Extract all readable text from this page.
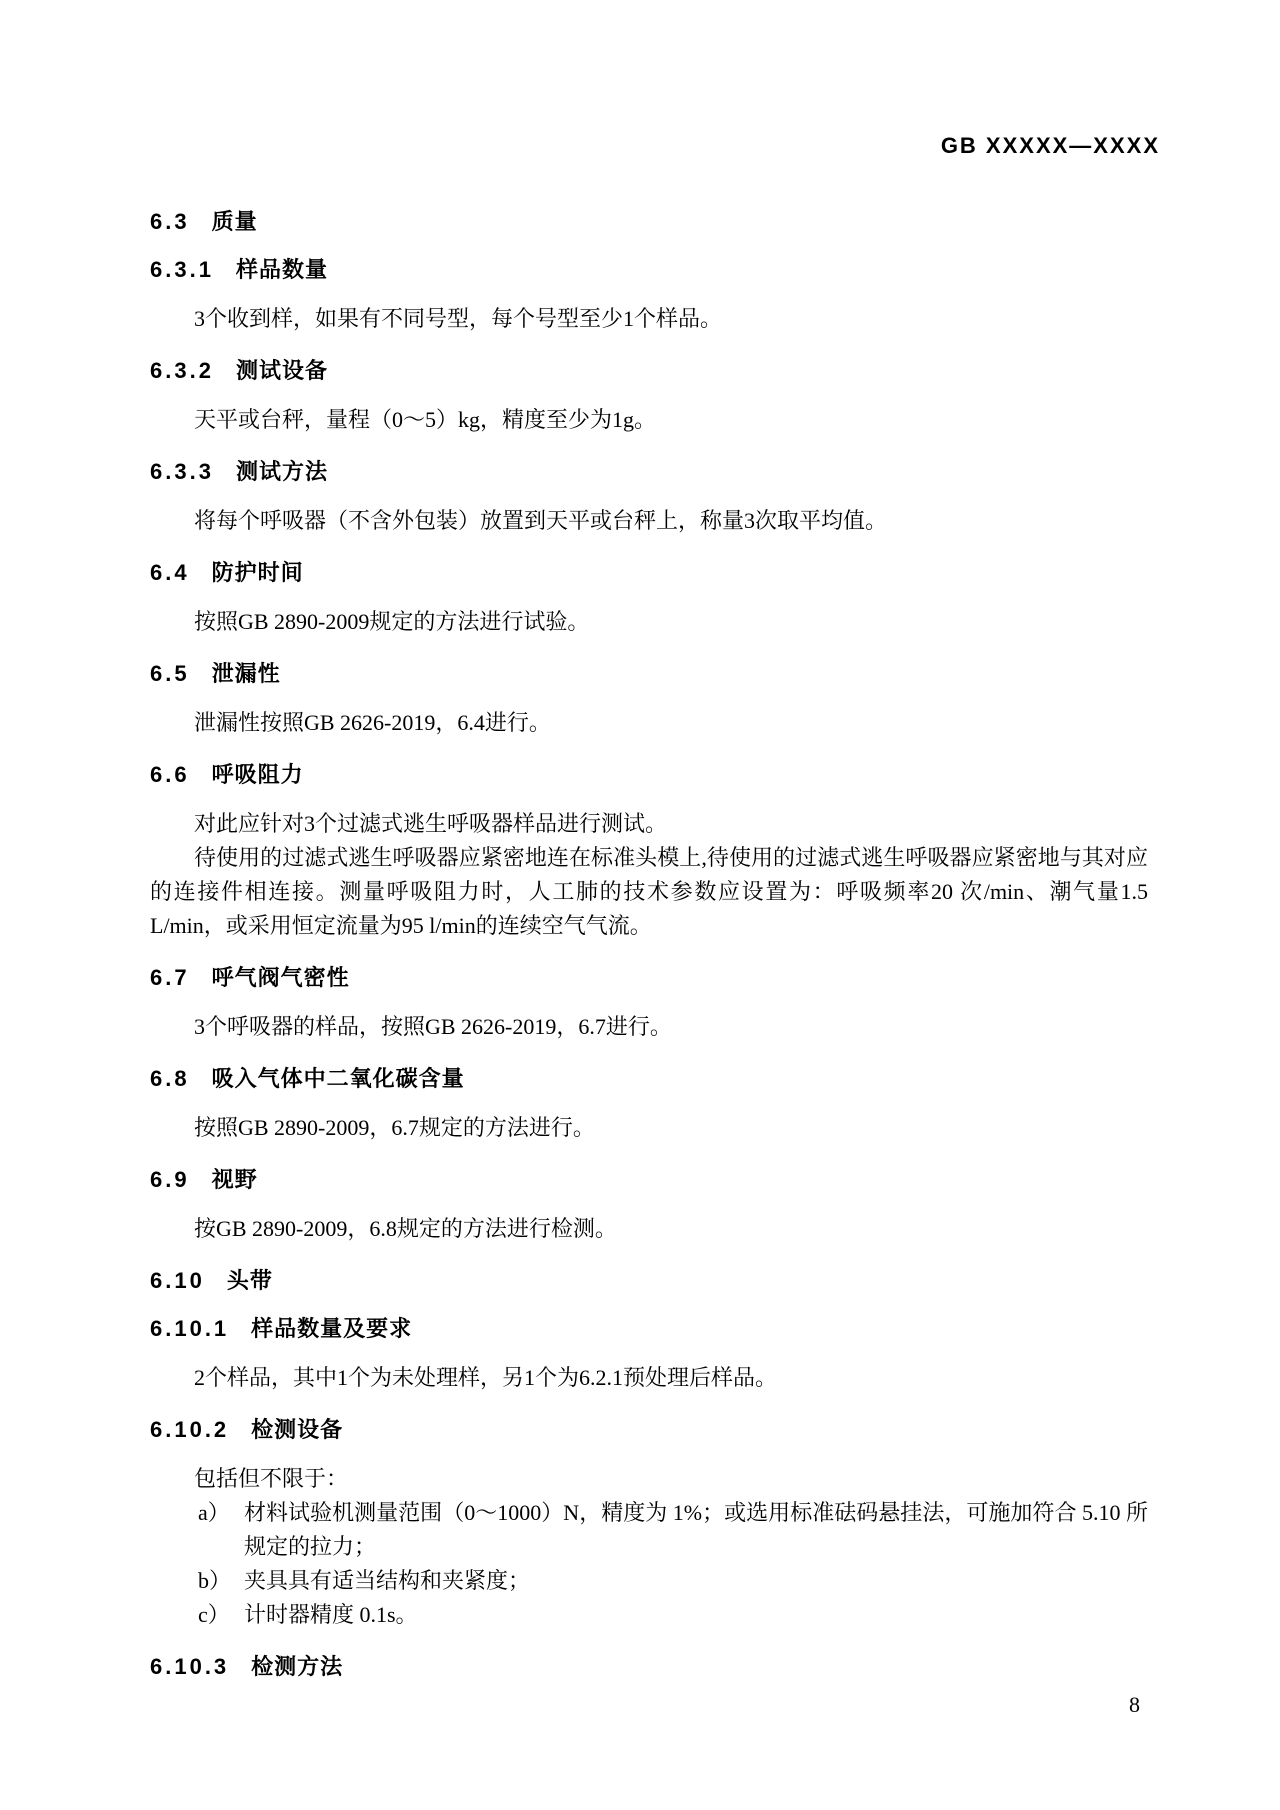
GB XXXXX—XXXX
6.3 质量
6.3.1 样品数量

3个收到样，如果有不同号型，每个号型至少1个样品。

6.3.2 测试设备

天平或台秤，量程（0～5）kg，精度至少为1g。

6.3.3 测试方法

将每个呼吸器（不含外包装）放置到天平或台秤上，称量3次取平均值。

6.4 防护时间

按照GB 2890-2009规定的方法进行试验。

6.5 泄漏性

泄漏性按照GB 2626-2019，6.4进行。

6.6 呼吸阻力

对此应针对3个过滤式逃生呼吸器样品进行测试。

待使用的过滤式逃生呼吸器应紧密地连在标准头模上,待使用的过滤式逃生呼吸器应紧密地与其对应的连接件相连接。测量呼吸阻力时，人工肺的技术参数应设置为：呼吸频率20 次/min、潮气量1.5 L/min，或采用恒定流量为95 l/min的连续空气气流。

6.7 呼气阀气密性

3个呼吸器的样品，按照GB 2626-2019，6.7进行。

6.8 吸入气体中二氧化碳含量

按照GB 2890-2009，6.7规定的方法进行。

6.9 视野

按GB 2890-2009，6.8规定的方法进行检测。

6.10 头带
6.10.1 样品数量及要求

2个样品，其中1个为未处理样，另1个为6.2.1预处理后样品。

6.10.2 检测设备

包括但不限于：

a） 材料试验机测量范围（0～1000）N，精度为 1%；或选用标准砝码悬挂法，可施加符合 5.10 所规定的拉力；
b） 夹具具有适当结构和夹紧度；
c） 计时器精度 0.1s。
6.10.3 检测方法
8
